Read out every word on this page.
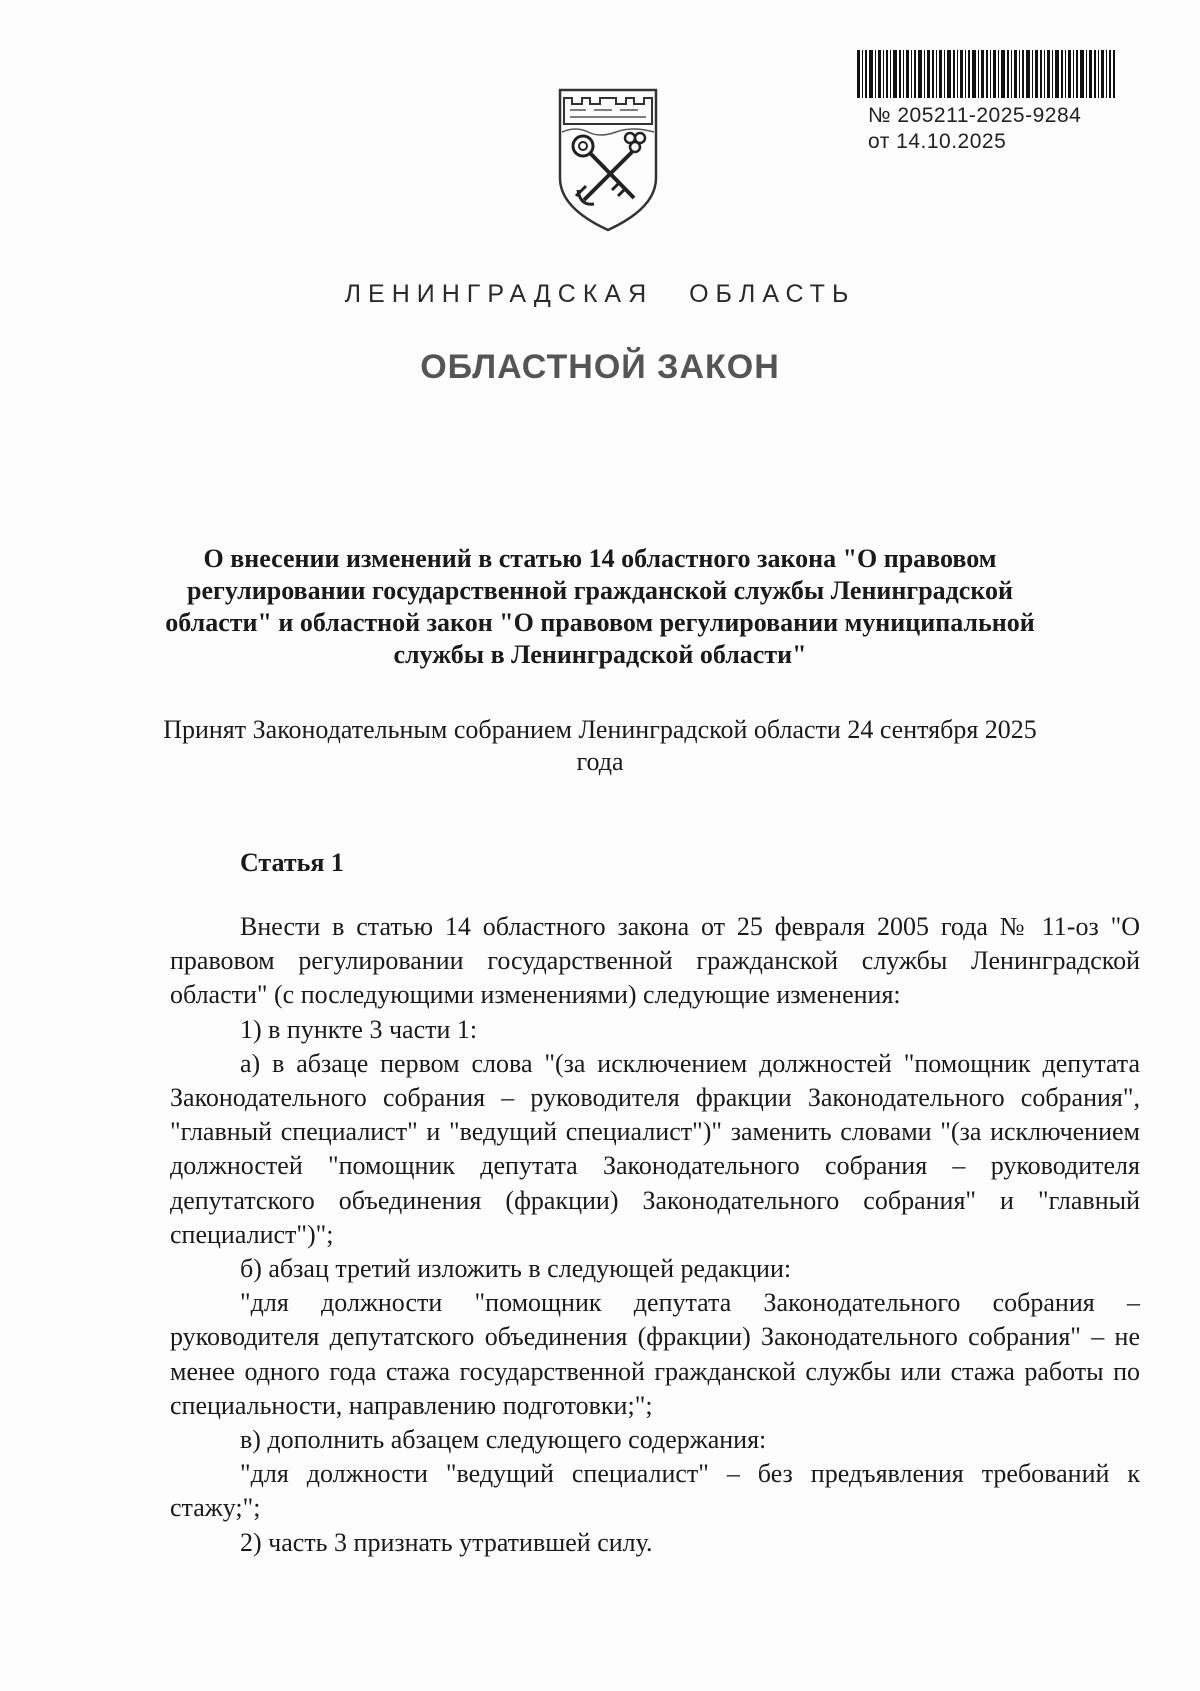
№ 205211-2025-9284
от 14.10.2025
ЛЕНИНГРАДСКАЯ ОБЛАСТЬ
ОБЛАСТНОЙ ЗАКОН
О внесении изменений в статью 14 областного закона "О правовом регулировании государственной гражданской службы Ленинградской области" и областной закон "О правовом регулировании муниципальной службы в Ленинградской области"
Принят Законодательным собранием Ленинградской области 24 сентября 2025 года
Статья 1

Внести в статью 14 областного закона от 25 февраля 2005 года № 11-оз "О правовом регулировании государственной гражданской службы Ленинградской области" (с последующими изменениями) следующие изменения:

1) в пункте 3 части 1:

а) в абзаце первом слова "(за исключением должностей "помощник депутата Законодательного собрания – руководителя фракции Законодательного собрания", "главный специалист" и "ведущий специалист")" заменить словами "(за исключением должностей "помощник депутата Законодательного собрания – руководителя депутатского объединения (фракции) Законодательного собрания" и "главный специалист")";

б) абзац третий изложить в следующей редакции:

"для должности "помощник депутата Законодательного собрания – руководителя депутатского объединения (фракции) Законодательного собрания" – не менее одного года стажа государственной гражданской службы или стажа работы по специальности, направлению подготовки;";

в) дополнить абзацем следующего содержания:

"для должности "ведущий специалист" – без предъявления требований к стажу;";

2) часть 3 признать утратившей силу.
